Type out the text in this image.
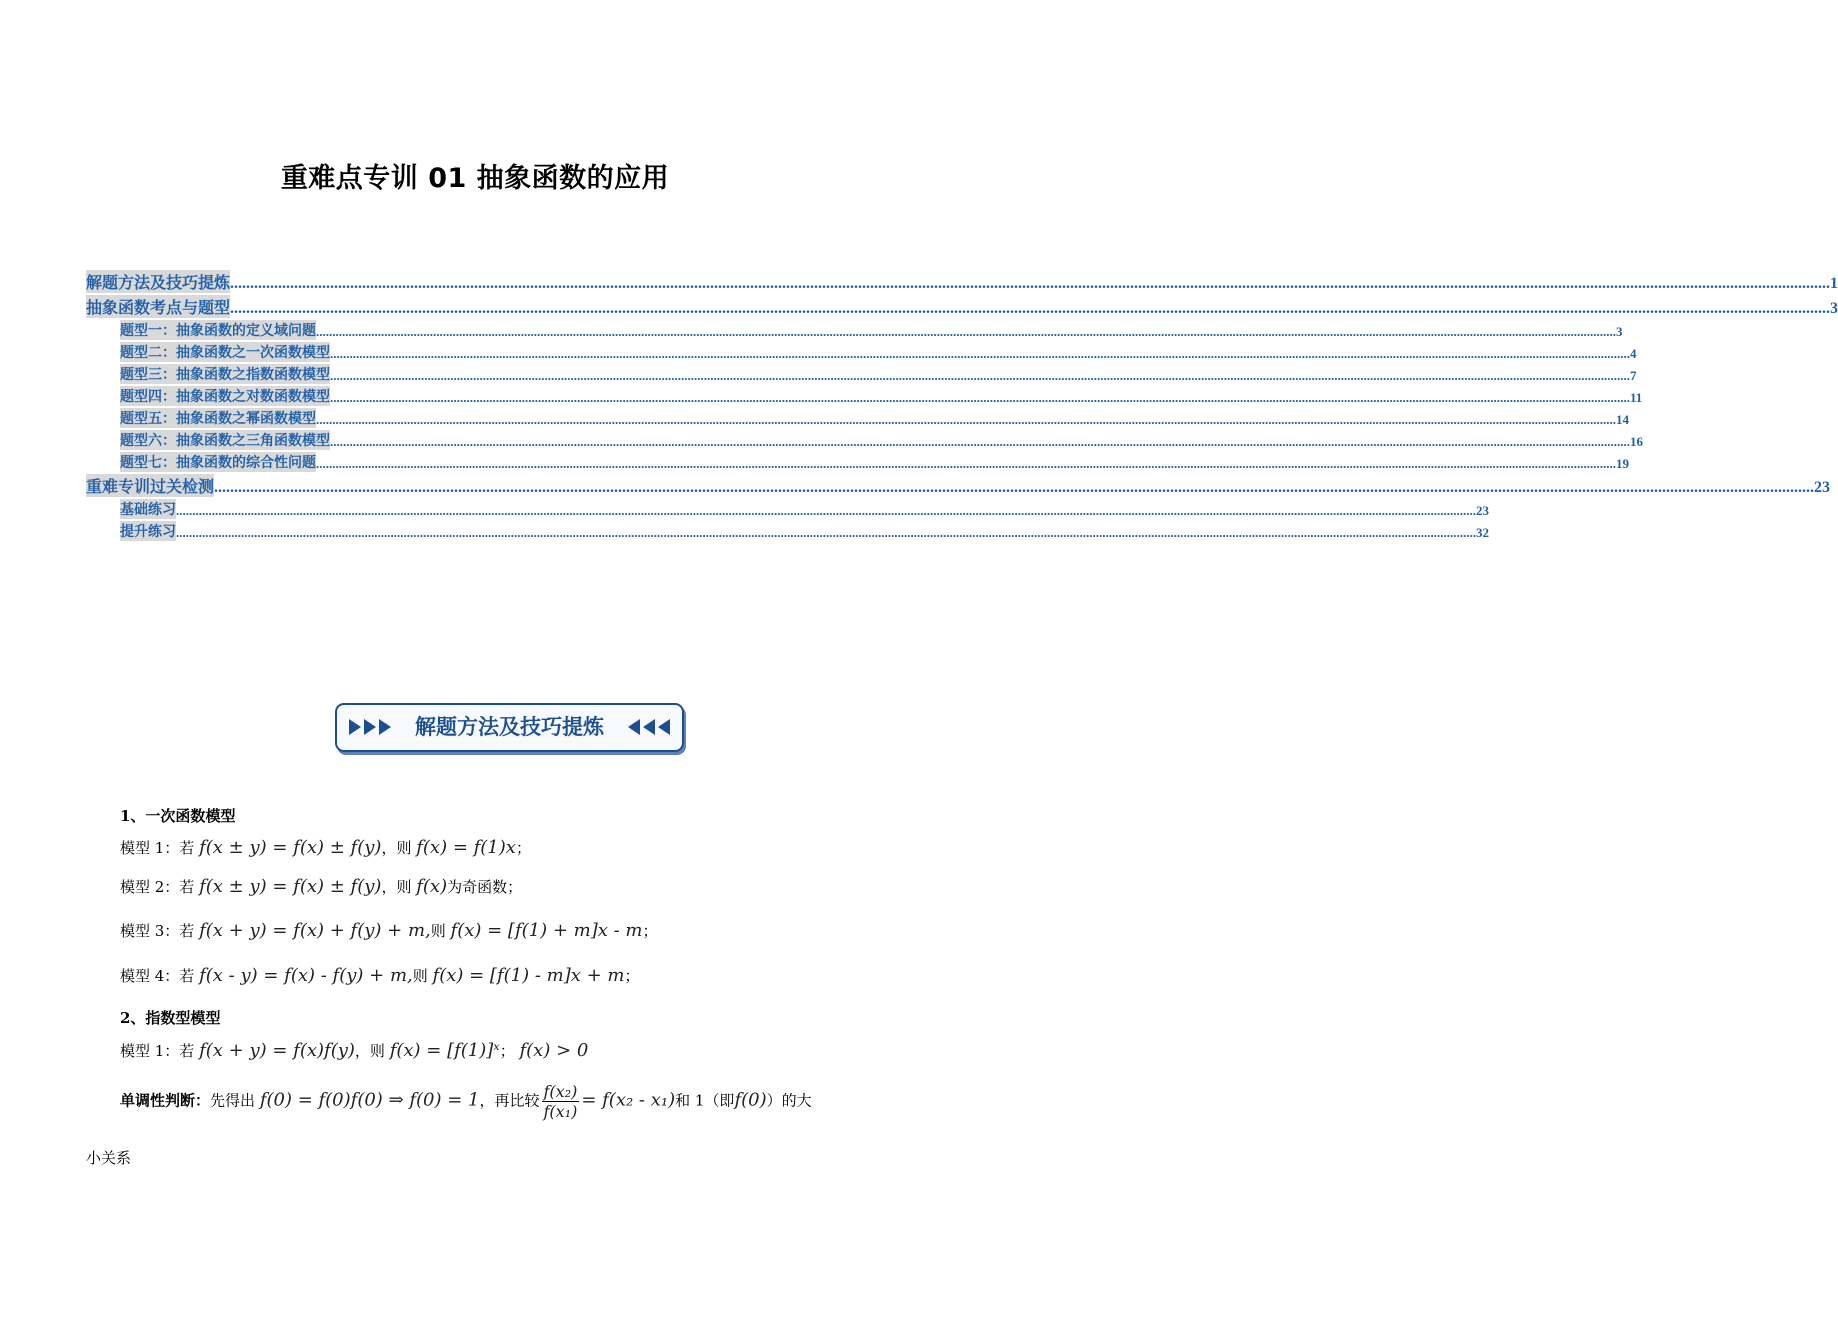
重难点专训 01 抽象函数的应用
解题方法及技巧提炼 ................................................................................................................................................................................................................................................................................................................................................................................................................ 1
抽象函数考点与题型 ................................................................................................................................................................................................................................................................................................................................................................................................................ 3
题型一：抽象函数的定义域问题 ................................................................................................................................................................................................................................................................................................................................................................................................................ 3
题型二：抽象函数之一次函数模型 ................................................................................................................................................................................................................................................................................................................................................................................................................ 4
题型三：抽象函数之指数函数模型 ................................................................................................................................................................................................................................................................................................................................................................................................................ 7
题型四：抽象函数之对数函数模型 ................................................................................................................................................................................................................................................................................................................................................................................................................ 11
题型五：抽象函数之幂函数模型 ................................................................................................................................................................................................................................................................................................................................................................................................................ 14
题型六：抽象函数之三角函数模型 ................................................................................................................................................................................................................................................................................................................................................................................................................ 16
题型七：抽象函数的综合性问题 ................................................................................................................................................................................................................................................................................................................................................................................................................ 19
重难专训过关检测 ................................................................................................................................................................................................................................................................................................................................................................................................................ 23
基础练习 ................................................................................................................................................................................................................................................................................................................................................................................................................ 23
提升练习 ................................................................................................................................................................................................................................................................................................................................................................................................................ 32
解题方法及技巧提炼
1、一次函数模型
模型 1：若 f(x ± y) = f(x) ± f(y)，则 f(x) = f(1)x；
模型 2：若 f(x ± y) = f(x) ± f(y)，则 f(x)为奇函数；
模型 3：若 f(x + y) = f(x) + f(y) + m,则 f(x) = [f(1) + m]x - m；
模型 4：若 f(x - y) = f(x) - f(y) + m,则 f(x) = [f(1) - m]x + m；
2、指数型模型
模型 1：若 f(x + y) = f(x)f(y)，则 f(x) = [f(1)]ˣ； f(x) > 0
单调性判断：先得出 f(0) = f(0)f(0) ⇒ f(0) = 1，再比较 $\frac{\text{f(x₂)}}{\text{f(x₁)}} = f(x_2 - x_1)$和 1（即f(0)）的大
小关系
